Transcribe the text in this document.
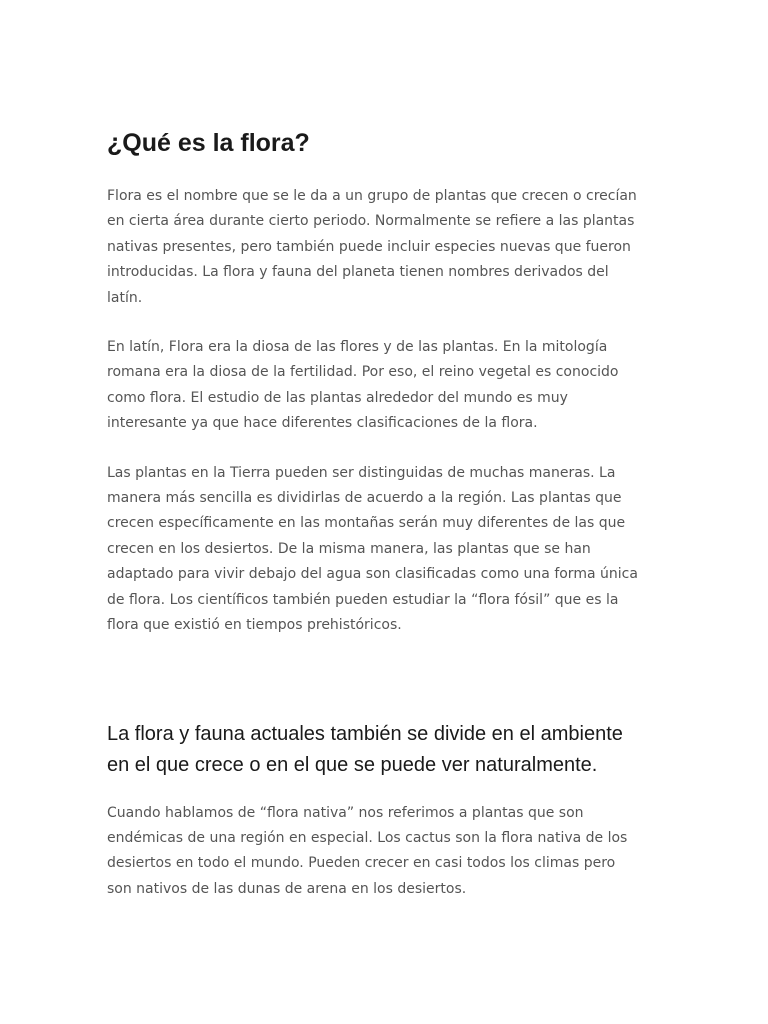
¿Qué es la flora?

Flora es el nombre que se le da a un grupo de plantas que crecen o crecían
en cierta área durante cierto periodo. Normalmente se refiere a las plantas
nativas presentes, pero también puede incluir especies nuevas que fueron
introducidas. La flora y fauna del planeta tienen nombres derivados del
latín.

En latín, Flora era la diosa de las flores y de las plantas. En la mitología
romana era la diosa de la fertilidad. Por eso, el reino vegetal es conocido
como flora. El estudio de las plantas alrededor del mundo es muy
interesante ya que hace diferentes clasificaciones de la flora.

Las plantas en la Tierra pueden ser distinguidas de muchas maneras. La
manera más sencilla es dividirlas de acuerdo a la región. Las plantas que
crecen específicamente en las montañas serán muy diferentes de las que
crecen en los desiertos. De la misma manera, las plantas que se han
adaptado para vivir debajo del agua son clasificadas como una forma única
de flora. Los científicos también pueden estudiar la “flora fósil” que es la
flora que existió en tiempos prehistóricos.

La flora y fauna actuales también se divide en el ambiente
en el que crece o en el que se puede ver naturalmente.

Cuando hablamos de “flora nativa” nos referimos a plantas que son
endémicas de una región en especial. Los cactus son la flora nativa de los
desiertos en todo el mundo. Pueden crecer en casi todos los climas pero
son nativos de las dunas de arena en los desiertos.
